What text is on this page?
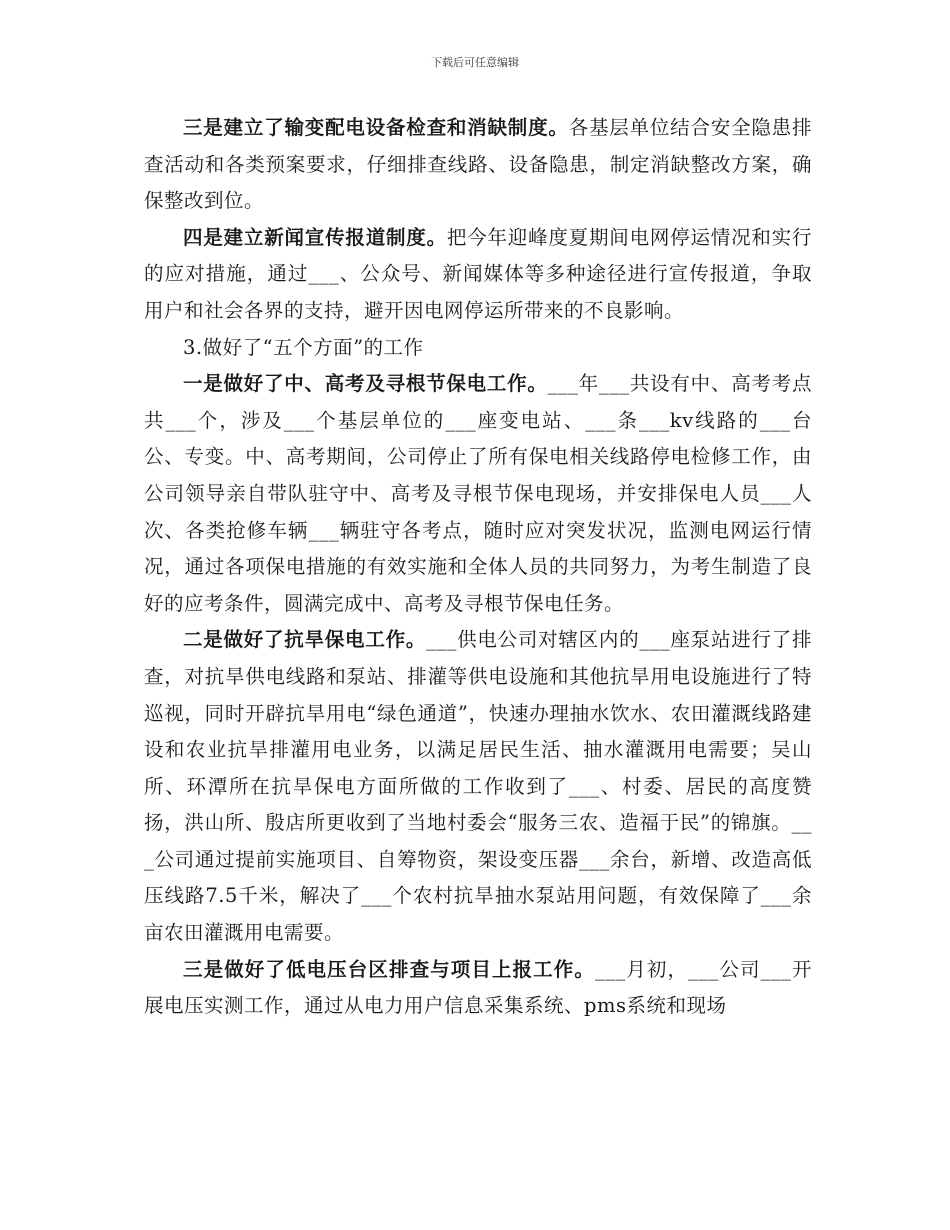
下载后可任意编辑

三是建立了输变配电设备检查和消缺制度。各基层单位结合安全隐患排查活动和各类预案要求，仔细排查线路、设备隐患，制定消缺整改方案，确保整改到位。

四是建立新闻宣传报道制度。把今年迎峰度夏期间电网停运情况和实行的应对措施，通过___、公众号、新闻媒体等多种途径进行宣传报道，争取用户和社会各界的支持，避开因电网停运所带来的不良影响。

3.做好了“五个方面”的工作

一是做好了中、高考及寻根节保电工作。___年___共设有中、高考考点共___个，涉及___个基层单位的___座变电站、___条___kv线路的___台公、专变。中、高考期间，公司停止了所有保电相关线路停电检修工作，由公司领导亲自带队驻守中、高考及寻根节保电现场，并安排保电人员___人次、各类抢修车辆___辆驻守各考点，随时应对突发状况，监测电网运行情况，通过各项保电措施的有效实施和全体人员的共同努力，为考生制造了良好的应考条件，圆满完成中、高考及寻根节保电任务。

二是做好了抗旱保电工作。___供电公司对辖区内的___座泵站进行了排查，对抗旱供电线路和泵站、排灌等供电设施和其他抗旱用电设施进行了特巡视，同时开辟抗旱用电“绿色通道”，快速办理抽水饮水、农田灌溉线路建设和农业抗旱排灌用电业务，以满足居民生活、抽水灌溉用电需要；吴山所、环潭所在抗旱保电方面所做的工作收到了___、村委、居民的高度赞扬，洪山所、殷店所更收到了当地村委会“服务三农、造福于民”的锦旗。___公司通过提前实施项目、自筹物资，架设变压器___余台，新增、改造高低压线路7.5千米，解决了___个农村抗旱抽水泵站用问题，有效保障了___余亩农田灌溉用电需要。

三是做好了低电压台区排查与项目上报工作。___月初，___公司___开展电压实测工作，通过从电力用户信息采集系统、pms系统和现场
